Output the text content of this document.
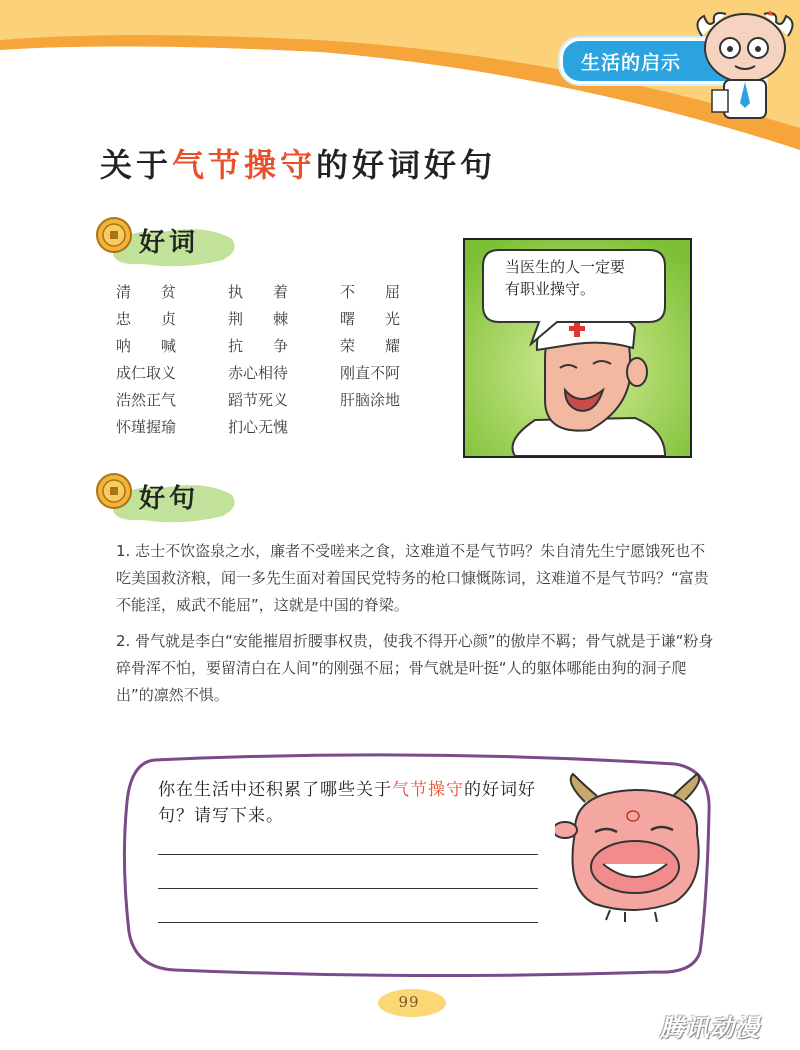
生活的启示
关于气节操守的好词好句
好词
清　　贫	执　　着	不　　屈
忠　　贞	荆　　棘	曙　　光
呐　　喊	抗　　争	荣　　耀
成仁取义	赤心相待	刚直不阿
浩然正气	蹈节死义	肝脑涂地
怀瑾握瑜	扪心无愧
当医生的人一定要
有职业操守。
好句
1. 志士不饮盗泉之水，廉者不受嗟来之食，这难道不是气节吗？朱自清先生宁愿饿死也不吃美国救济粮，闻一多先生面对着国民党特务的枪口慷慨陈词，这难道不是气节吗？“富贵不能淫，威武不能屈”，这就是中国的脊梁。
2. 骨气就是李白“安能摧眉折腰事权贵，使我不得开心颜”的傲岸不羁；骨气就是于谦“粉身碎骨浑不怕，要留清白在人间”的刚强不屈；骨气就是叶挺“人的躯体哪能由狗的洞子爬出”的凛然不惧。
你在生活中还积累了哪些关于气节操守的好词好句？请写下来。
99
腾讯动漫
